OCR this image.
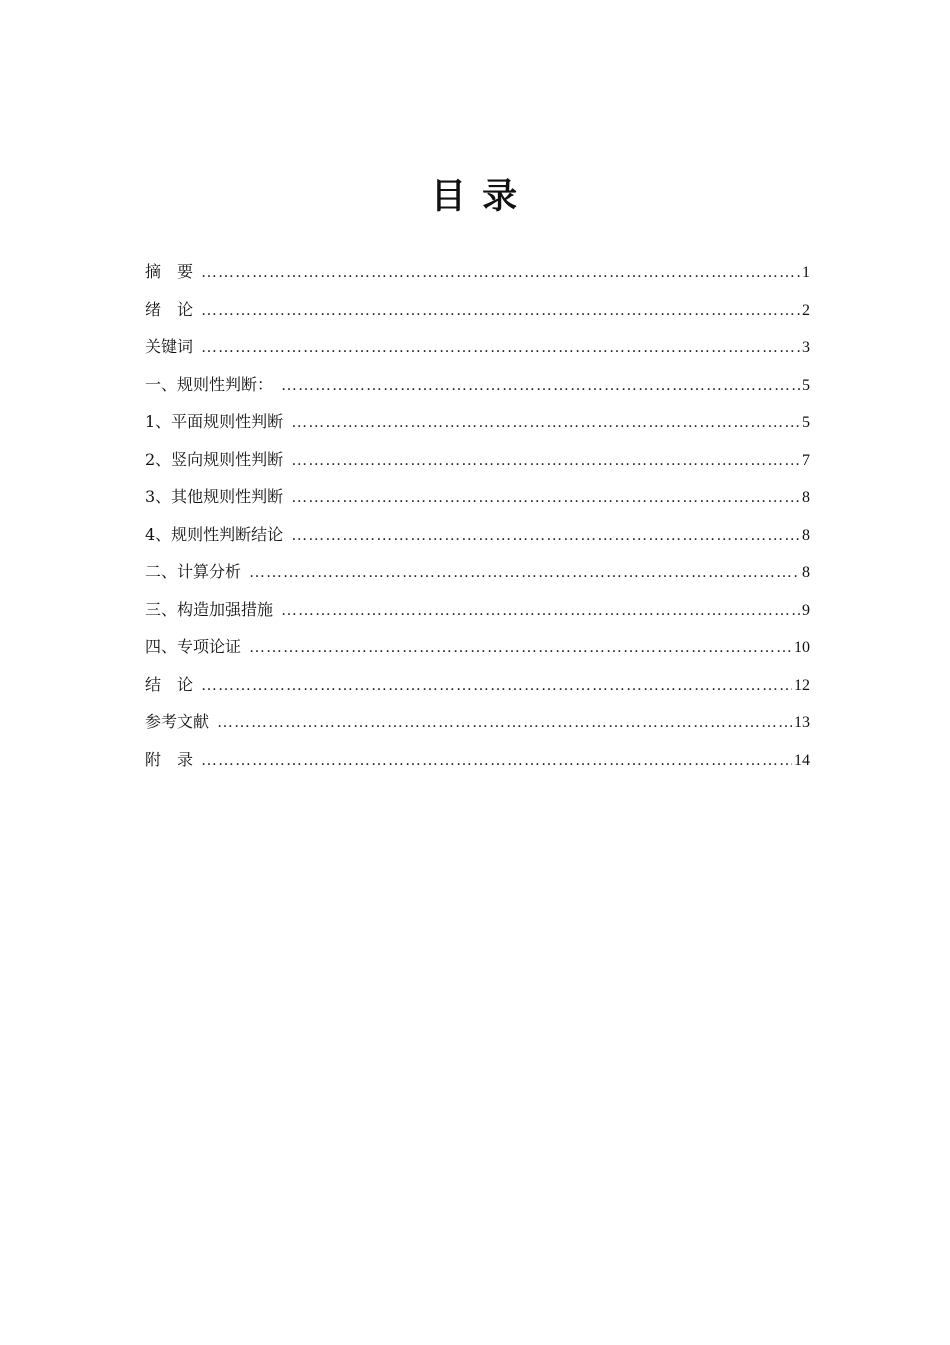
目 录
摘　要 …………………………………………………………………………………………………………………………………………	1
绪　论 …………………………………………………………………………………………………………………………………………	2
关键词 …………………………………………………………………………………………………………………………………………	3
一、规则性判断： …………………………………………………………………………………………………………………………………………	5
1、平面规则性判断 …………………………………………………………………………………………………………………………………………	5
2、竖向规则性判断 …………………………………………………………………………………………………………………………………………	7
3、其他规则性判断 …………………………………………………………………………………………………………………………………………	8
4、规则性判断结论 …………………………………………………………………………………………………………………………………………	8
二、计算分析 …………………………………………………………………………………………………………………………………………	8
三、构造加强措施 …………………………………………………………………………………………………………………………………………	9
四、专项论证 …………………………………………………………………………………………………………………………………………	10
结　论 …………………………………………………………………………………………………………………………………………	12
参考文献 …………………………………………………………………………………………………………………………………………	13
附　录 …………………………………………………………………………………………………………………………………………	14
